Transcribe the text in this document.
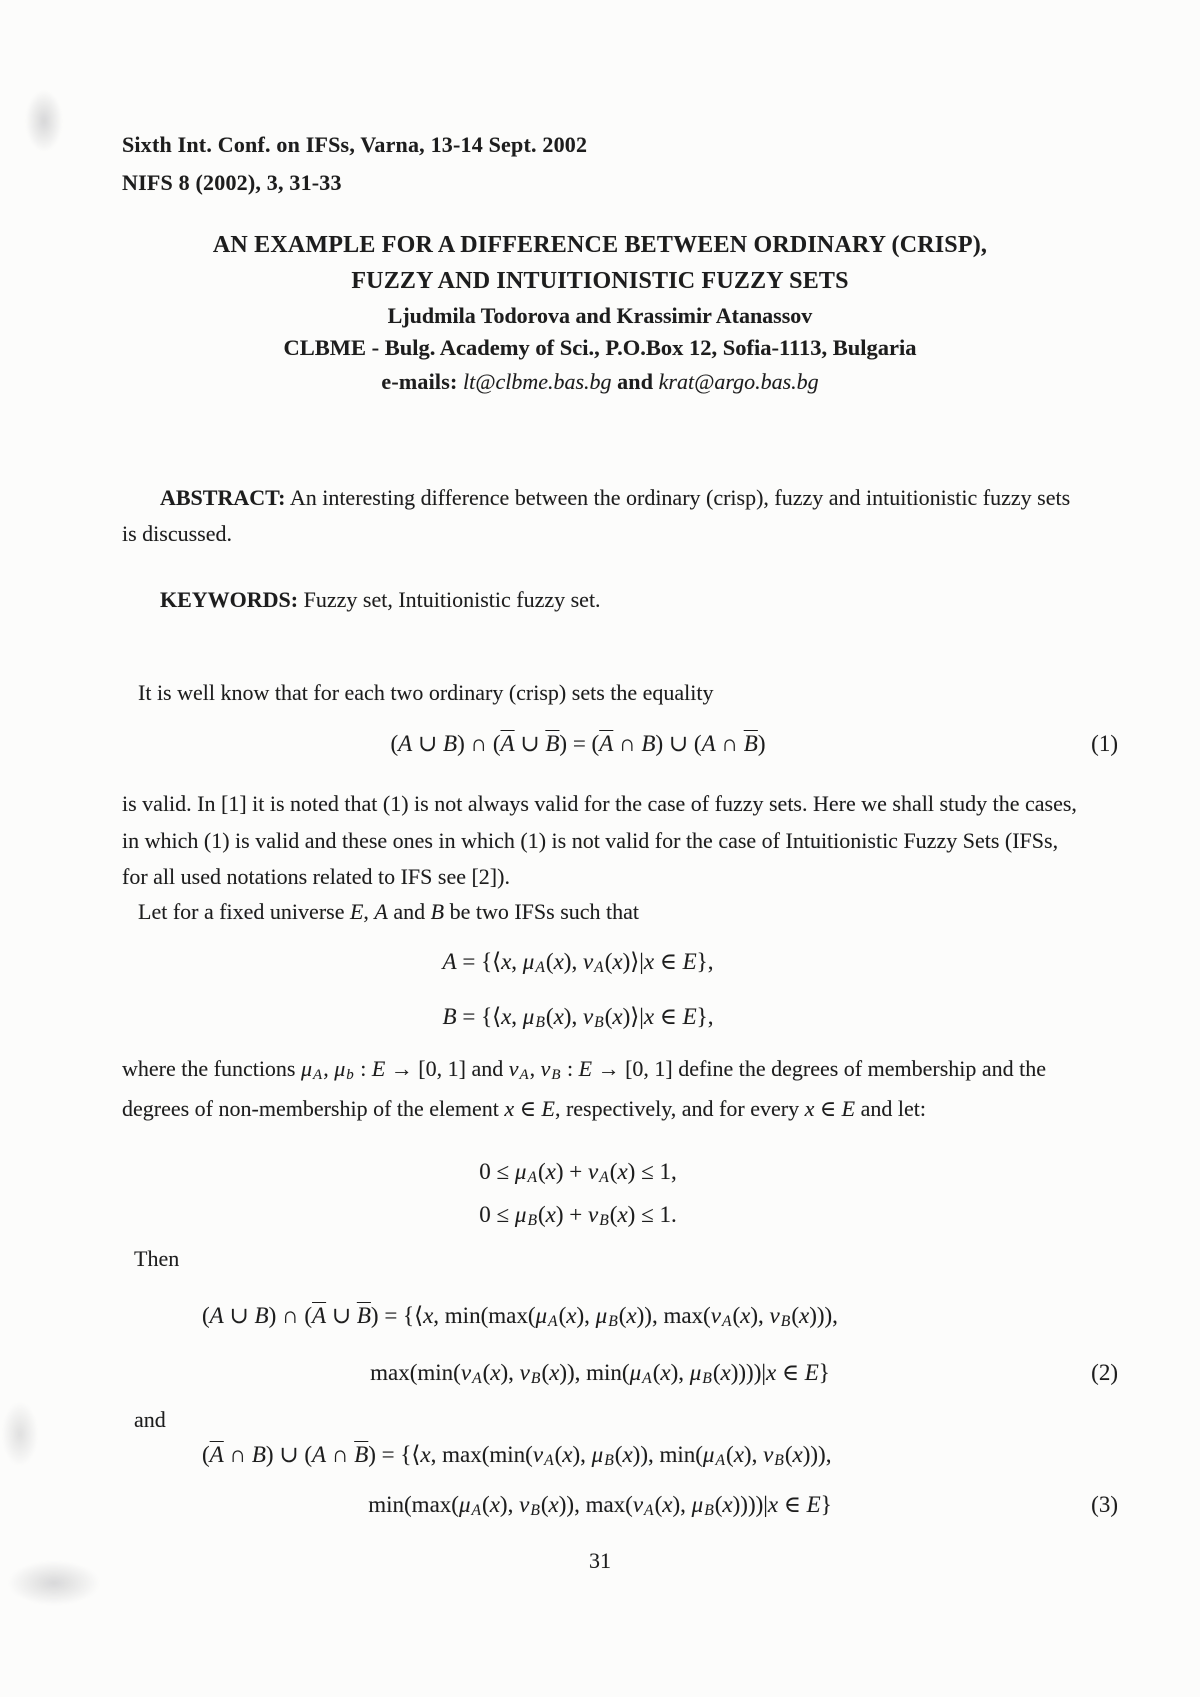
Sixth Int. Conf. on IFSs, Varna, 13-14 Sept. 2002
NIFS 8 (2002), 3, 31-33
AN EXAMPLE FOR A DIFFERENCE BETWEEN ORDINARY (CRISP),
FUZZY AND INTUITIONISTIC FUZZY SETS
Ljudmila Todorova and Krassimir Atanassov
CLBME - Bulg. Academy of Sci., P.O.Box 12, Sofia-1113, Bulgaria
e-mails: lt@clbme.bas.bg and krat@argo.bas.bg
ABSTRACT: An interesting difference between the ordinary (crisp), fuzzy and intuitionistic fuzzy sets is discussed.
KEYWORDS: Fuzzy set, Intuitionistic fuzzy set.
It is well know that for each two ordinary (crisp) sets the equality
(A ∪ B) ∩ ($\overline{A}$ ∪ $\overline{B}) = (\overline{A}$ ∩ B) ∪ (A ∩ $\overline{B}$)	(1)
is valid. In [1] it is noted that (1) is not always valid for the case of fuzzy sets. Here we shall study the cases, in which (1) is valid and these ones in which (1) is not valid for the case of Intuitionistic Fuzzy Sets (IFSs, for all used notations related to IFS see [2]).
Let for a fixed universe E, A and B be two IFSs such that
A = {⟨x, μA(x), νA(x)⟩|x ∈ E},
B = {⟨x, μB(x), νB(x)⟩|x ∈ E},
where the functions μA, μb : E → [0, 1] and νA, νB : E → [0, 1] define the degrees of membership and the degrees of non-membership of the element x ∈ E, respectively, and for every x ∈ E and let:
0 ≤ μA(x) + νA(x) ≤ 1,
0 ≤ μB(x) + νB(x) ≤ 1.
Then
(A ∪ B) ∩ ($\overline{A}$ ∪ $\overline{B}$) = {⟨x, min(max(μA(x), μB(x)), max(νA(x), νB(x))),
max(min(νA(x), νB(x)), min(μA(x), μB(x))))|x ∈ E}	(2)
and
($\overline{A}$ ∩ B) ∪ (A ∩ $\overline{B}$) = {⟨x, max(min(νA(x), μB(x)), min(μA(x), νB(x))),
min(max(μA(x), νB(x)), max(νA(x), μB(x))))|x ∈ E}	(3)
31
